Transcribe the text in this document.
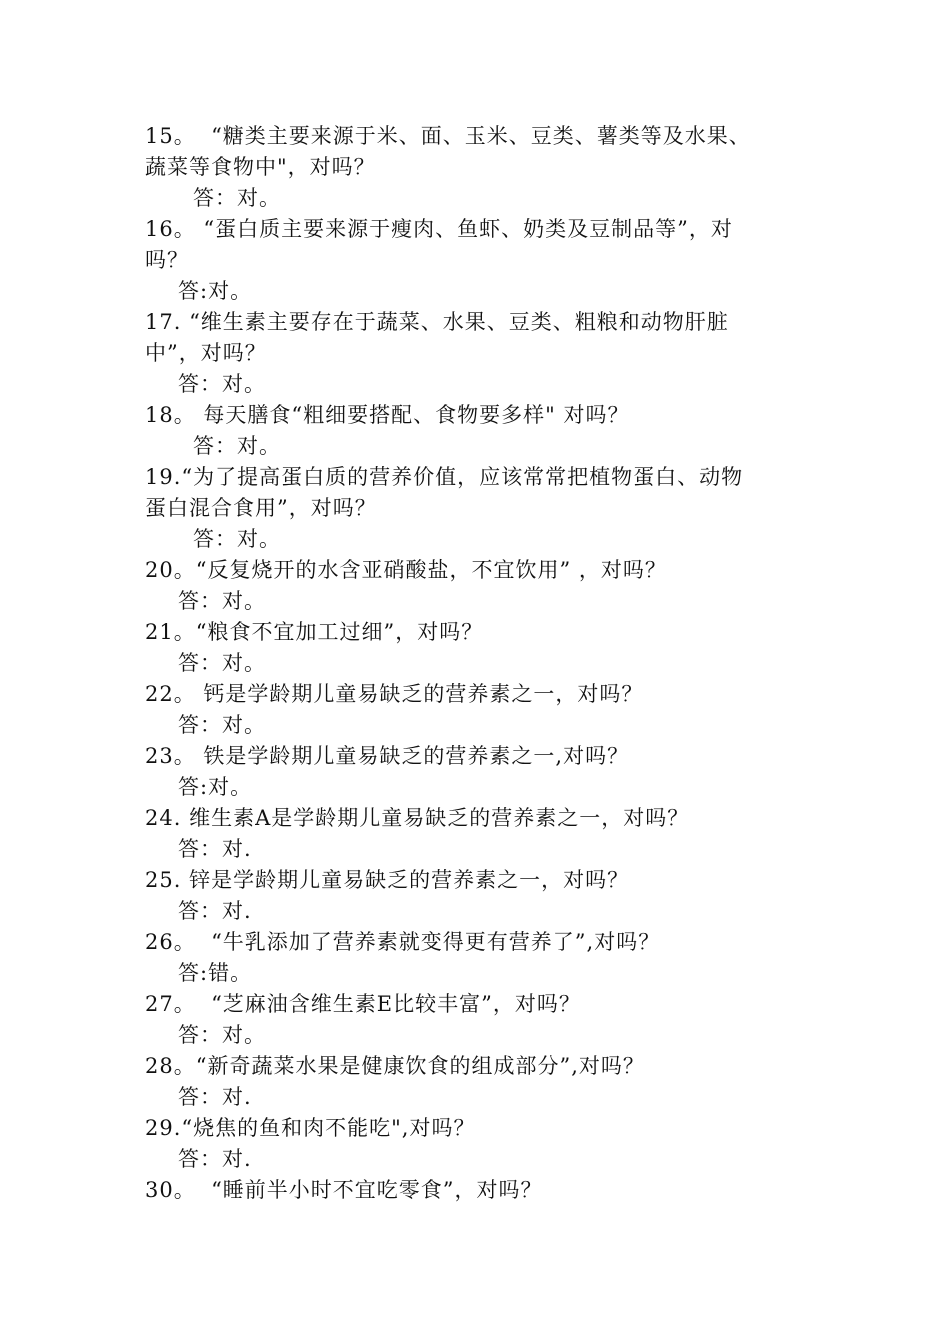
15。  “糖类主要来源于米、面、玉米、豆类、薯类等及水果、
蔬菜等食物中"，对吗？
答：对。
16。 “蛋白质主要来源于瘦肉、鱼虾、奶类及豆制品等”，对
吗？
答:对。
17. “维生素主要存在于蔬菜、水果、豆类、粗粮和动物肝脏
中”，对吗？
答：对。
18。 每天膳食“粗细要搭配、食物要多样" 对吗？
答：对。
19.“为了提高蛋白质的营养价值，应该常常把植物蛋白、动物
蛋白混合食用”，对吗？
答：对。
20。“反复烧开的水含亚硝酸盐，不宜饮用” ，对吗？
答：对。
21。“粮食不宜加工过细”，对吗？
答：对。
22。 钙是学龄期儿童易缺乏的营养素之一，对吗？
答：对。
23。 铁是学龄期儿童易缺乏的营养素之一,对吗？
答:对。
24. 维生素A是学龄期儿童易缺乏的营养素之一，对吗？
答：对.
25. 锌是学龄期儿童易缺乏的营养素之一，对吗？
答：对.
26。  “牛乳添加了营养素就变得更有营养了”,对吗？
答:错。
27。  “芝麻油含维生素E比较丰富”，对吗？
答：对。
28。“新奇蔬菜水果是健康饮食的组成部分”,对吗？
答：对.
29.“烧焦的鱼和肉不能吃",对吗？
答：对.
30。  “睡前半小时不宜吃零食”，对吗？
